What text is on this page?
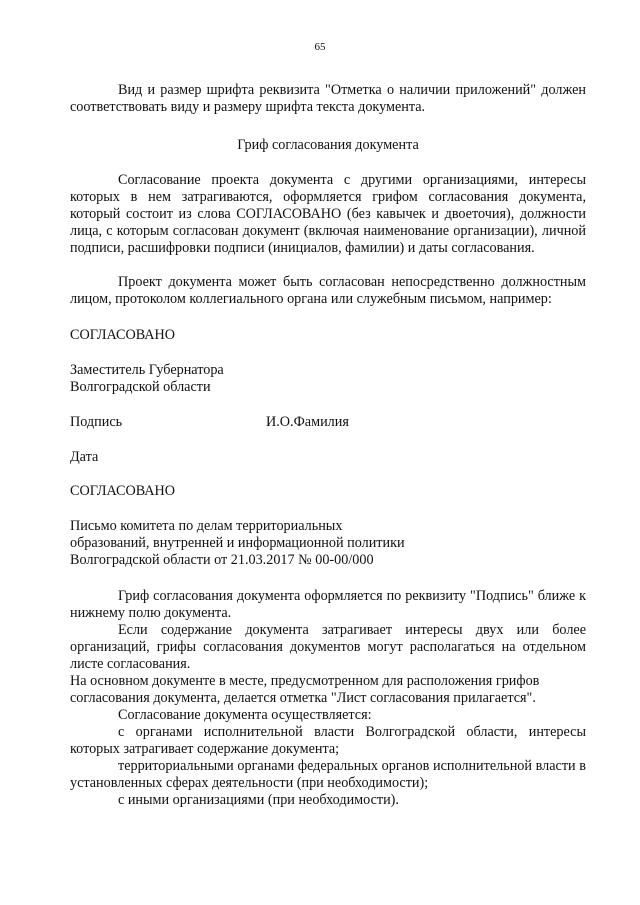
65

Вид и размер шрифта реквизита "Отметка о наличии приложений" должен соответствовать виду и размеру шрифта текста документа.

Гриф согласования документа

Согласование проекта документа с другими организациями, интересы которых в нем затрагиваются, оформляется грифом согласования документа, который состоит из слова СОГЛАСОВАНО (без кавычек и двоеточия), должности лица, с которым согласован документ (включая наименование организации), личной подписи, расшифровки подписи (инициалов, фамилии) и даты согласования.

Проект документа может быть согласован непосредственно должностным лицом, протоколом коллегиального органа или служебным письмом, например:

СОГЛАСОВАНО
Заместитель Губернатора
Волгоградской области
Подпись	И.О.Фамилия
Дата
СОГЛАСОВАНО
Письмо комитета по делам территориальных
образований, внутренней и информационной политики
Волгоградской области от 21.03.2017 № 00-00/000

Гриф согласования документа оформляется по реквизиту "Подпись" ближе к нижнему полю документа.

Если содержание документа затрагивает интересы двух или более организаций, грифы согласования документов могут располагаться на отдельном листе согласования.

На основном документе в месте, предусмотренном для расположения грифов согласования документа, делается отметка "Лист согласования прилагается".

Согласование документа осуществляется:

с органами исполнительной власти Волгоградской области, интересы которых затрагивает содержание документа;

территориальными органами федеральных органов исполнительной власти в установленных сферах деятельности (при необходимости);

с иными организациями (при необходимости).
